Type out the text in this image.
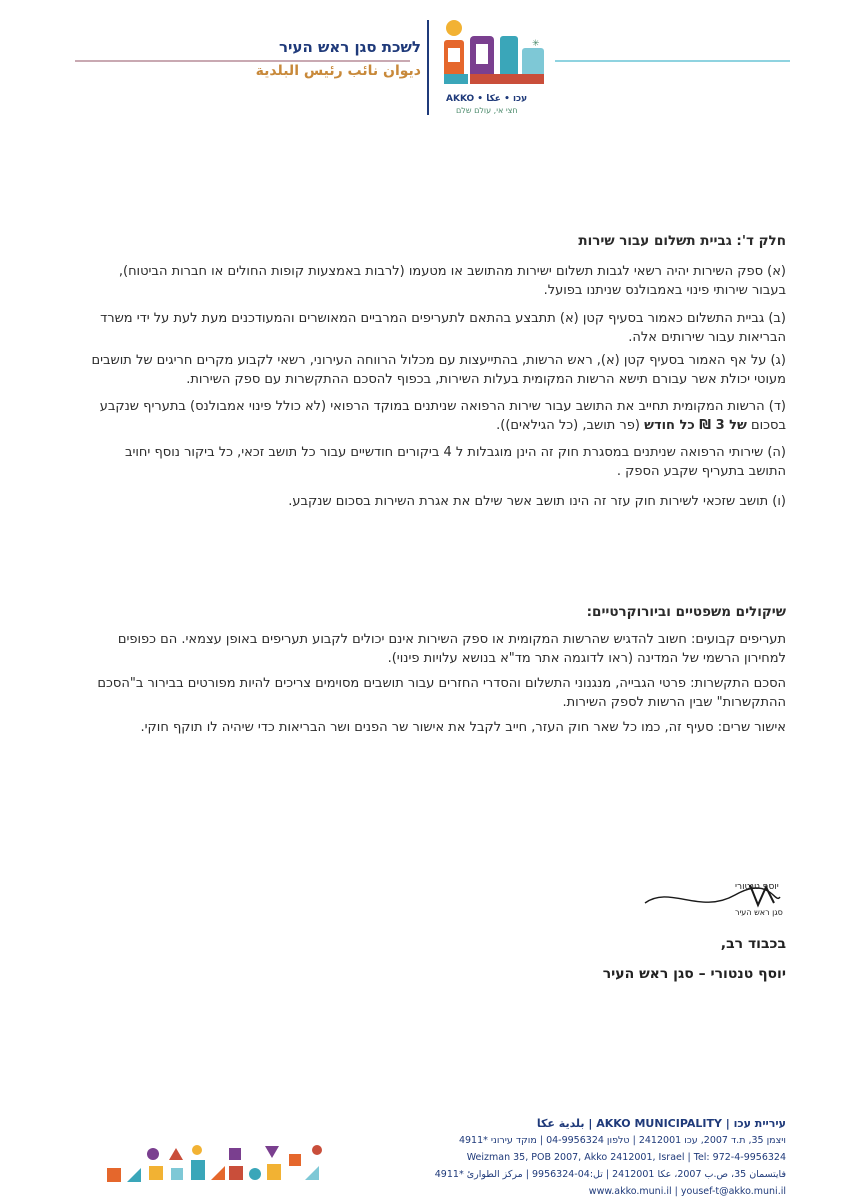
לשכת סגן ראש העיר
ديوان نائب رئيس البلدية
✳
AKKO • עכו • عكا
חצי אי, עולם שלם

חלק ד': גביית תשלום עבור שירות

(א) ספק השירות יהיה רשאי לגבות תשלום ישירות מהתושב או מטעמו (לרבות באמצעות קופות החולים או חברות הביטוח), בעבור שירותי פינוי באמבולנס שניתנו בפועל.

(ב) גביית התשלום כאמור בסעיף קטן (א) תתבצע בהתאם לתעריפים המרביים המאושרים והמעודכנים מעת לעת על ידי משרד הבריאות עבור שירותים אלה.

(ג) על אף האמור בסעיף קטן (א), ראש הרשות, בהתייעצות עם מכלול הרווחה העירוני, רשאי לקבוע מקרים חריגים של תושבים מעוטי יכולת אשר עבורם תישא הרשות המקומית בעלות השירות, בכפוף להסכם ההתקשרות עם ספק השירות.

(ד) הרשות המקומית תחייב את התושב עבור שירות הרפואה שניתנים במוקד הרפואי (לא כולל פינוי אמבולנס) בתעריף שנקבע בסכום של 3 ₪ כל חודש (פר תושב, (כל הגילאים)).

(ה) שירותי הרפואה שניתנים במסגרת חוק זה הינן מוגבלות ל 4 ביקורים חודשיים עבור כל תושב זכאי, כל ביקור נוסף יחויב התושב בתעריף שקבע הספק .

(ו) תושב שזכאי לשירות חוק עזר זה הינו תושב אשר שילם את אגרת השירות בסכום שנקבע.

שיקולים משפטיים וביורוקרטיים:

תעריפים קבועים: חשוב להדגיש שהרשות המקומית או ספק השירות אינם יכולים לקבוע תעריפים באופן עצמאי. הם כפופים למחירון הרשמי של המדינה (ראו לדוגמה אתר מד"א בנושא עלויות פינוי).

הסכם התקשרות: פרטי הגבייה, מנגנוני התשלום והסדרי החזרים עבור תושבים מסוימים צריכים להיות מפורטים בבירור ב"הסכם ההתקשרות" שבין הרשות לספק השירות.

אישור שרים: סעיף זה, כמו כל שאר חוק העזר, חייב לקבל את אישור שר הפנים ושר הבריאות כדי שיהיה לו תוקף חוקי.

יוסף טנטורי
סגן ראש העיר
בכבוד רב,
יוסף טנטורי – סגן ראש העיר
עיריית עכו | AKKO MUNICIPALITY | بلدية عكا
ויצמן 35, ת.ד 2007, עכו 2412001 | טלפון 04-9956324 | מוקד עירוני *4911
Weizman 35, POB 2007, Akko 2412001, Israel | Tel: 972-4-9956324
فايتسمان 35، ص.ب 2007، عكا 2412001 | تل:04-9956324 | مركز الطوارئ *4911
www.akko.muni.il | yousef-t@akko.muni.il
